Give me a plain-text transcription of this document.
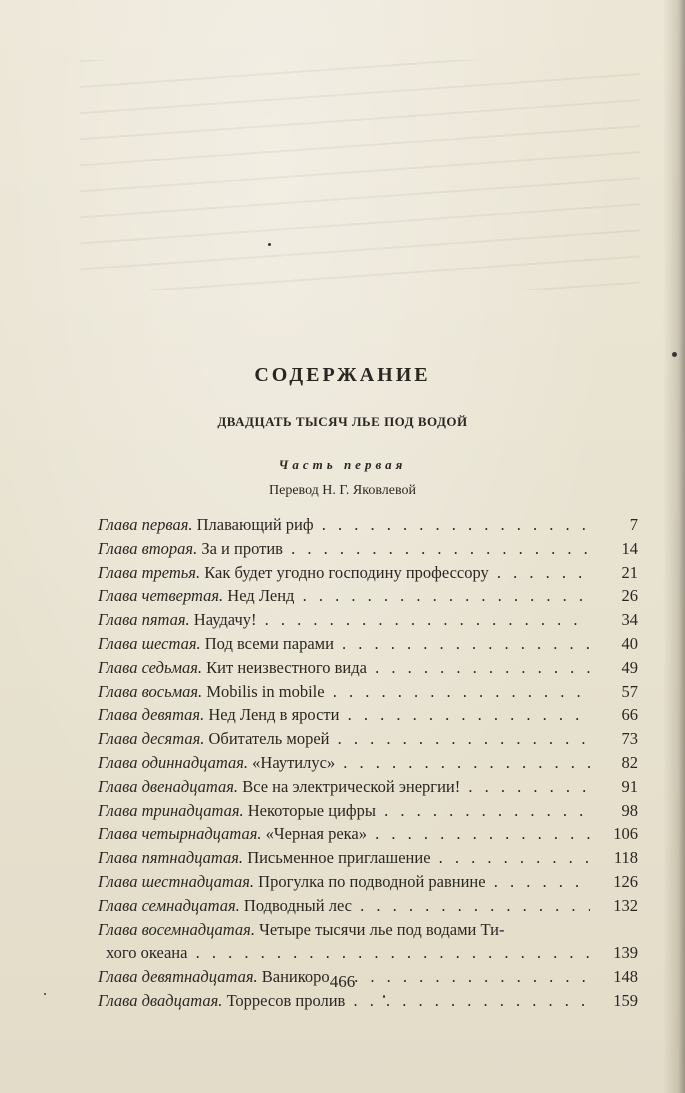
СОДЕРЖАНИЕ
ДВАДЦАТЬ ТЫСЯЧ ЛЬЕ ПОД ВОДОЙ
Часть первая
Перевод Н. Г. Яковлевой
Глава первая. Плавающий риф . . .	7
Глава вторая. За и против . . .	14
Глава третья. Как будет угодно господину профессору . . .	21
Глава четвертая. Нед Ленд . . .	26
Глава пятая. Наудачу! . . .	34
Глава шестая. Под всеми парами . . .	40
Глава седьмая. Кит неизвестного вида . . .	49
Глава восьмая. Mobilis in mobile . . .	57
Глава девятая. Нед Ленд в ярости . . .	66
Глава десятая. Обитатель морей . . .	73
Глава одиннадцатая. «Наутилус» . . .	82
Глава двенадцатая. Все на электрической энергии! . . .	91
Глава тринадцатая. Некоторые цифры . . .	98
Глава четырнадцатая. «Черная река» . . .	106
Глава пятнадцатая. Письменное приглашение . . .	118
Глава шестнадцатая. Прогулка по подводной равнине . . .	126
Глава семнадцатая. Подводный лес . . .	132
Глава восемнадцатая. Четыре тысячи лье под водами Ти-
хого океана . . .	139
Глава девятнадцатая. Ваникоро . . .	148
Глава двадцатая. Торресов пролив . . .	159
466
